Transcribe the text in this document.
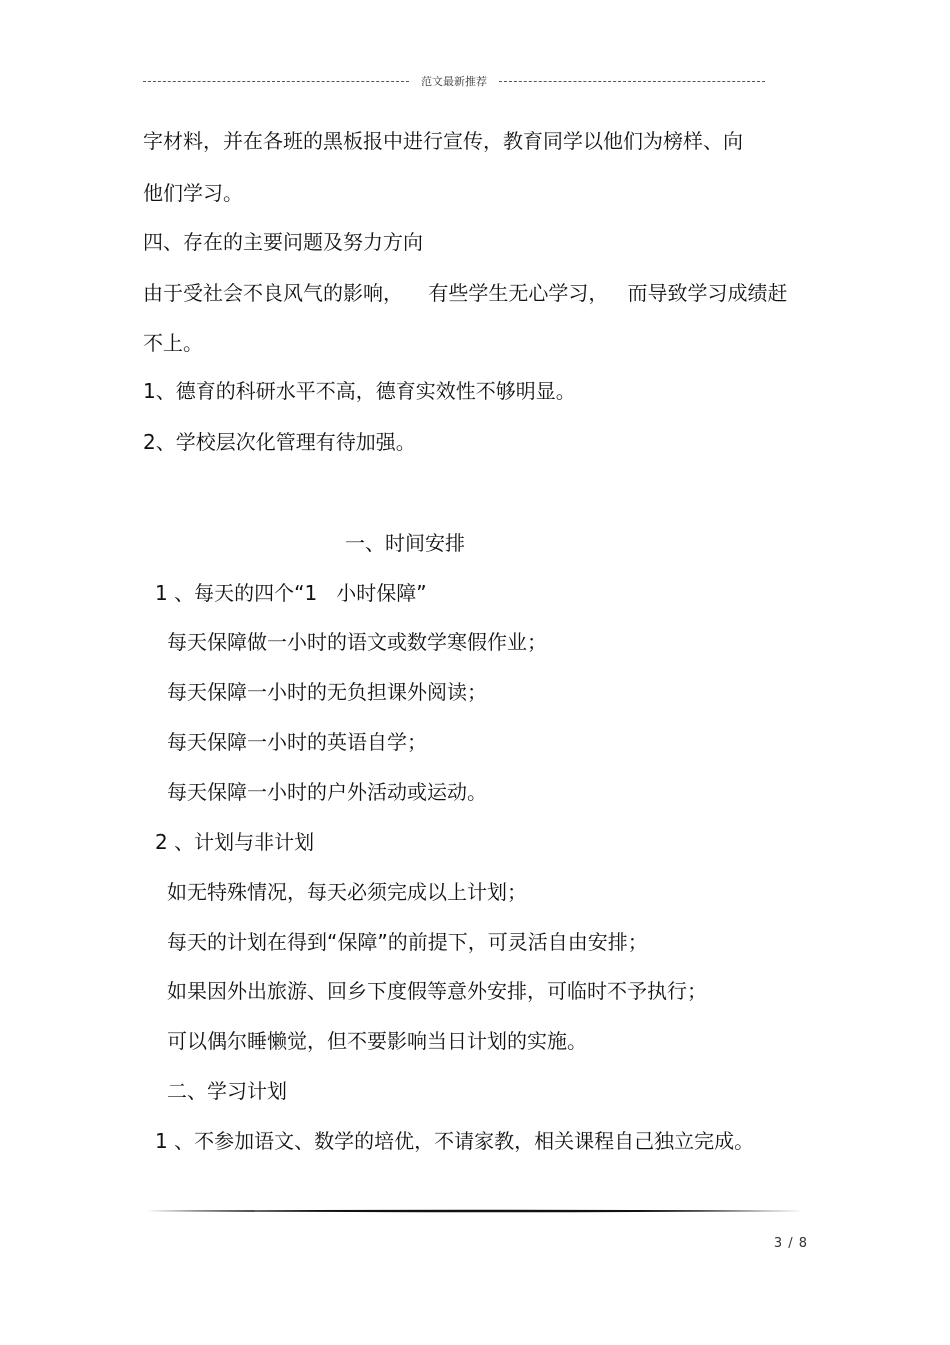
范文最新推荐
字材料，并在各班的黑板报中进行宣传，教育同学以他们为榜样、向
他们学习。
四、存在的主要问题及努力方向
由于受社会不良风气的影响，    有些学生无心学习，   而导致学习成绩赶
不上。
1、德育的科研水平不高，德育实效性不够明显。
2、学校层次化管理有待加强。
一、时间安排
1 、每天的四个“1   小时保障”
每天保障做一小时的语文或数学寒假作业；
每天保障一小时的无负担课外阅读；
每天保障一小时的英语自学；
每天保障一小时的户外活动或运动。
2 、计划与非计划
如无特殊情况，每天必须完成以上计划；
每天的计划在得到“保障”的前提下，可灵活自由安排；
如果因外出旅游、回乡下度假等意外安排，可临时不予执行；
可以偶尔睡懒觉，但不要影响当日计划的实施。
二、学习计划
1 、不参加语文、数学的培优，不请家教，相关课程自己独立完成。
3 / 8
